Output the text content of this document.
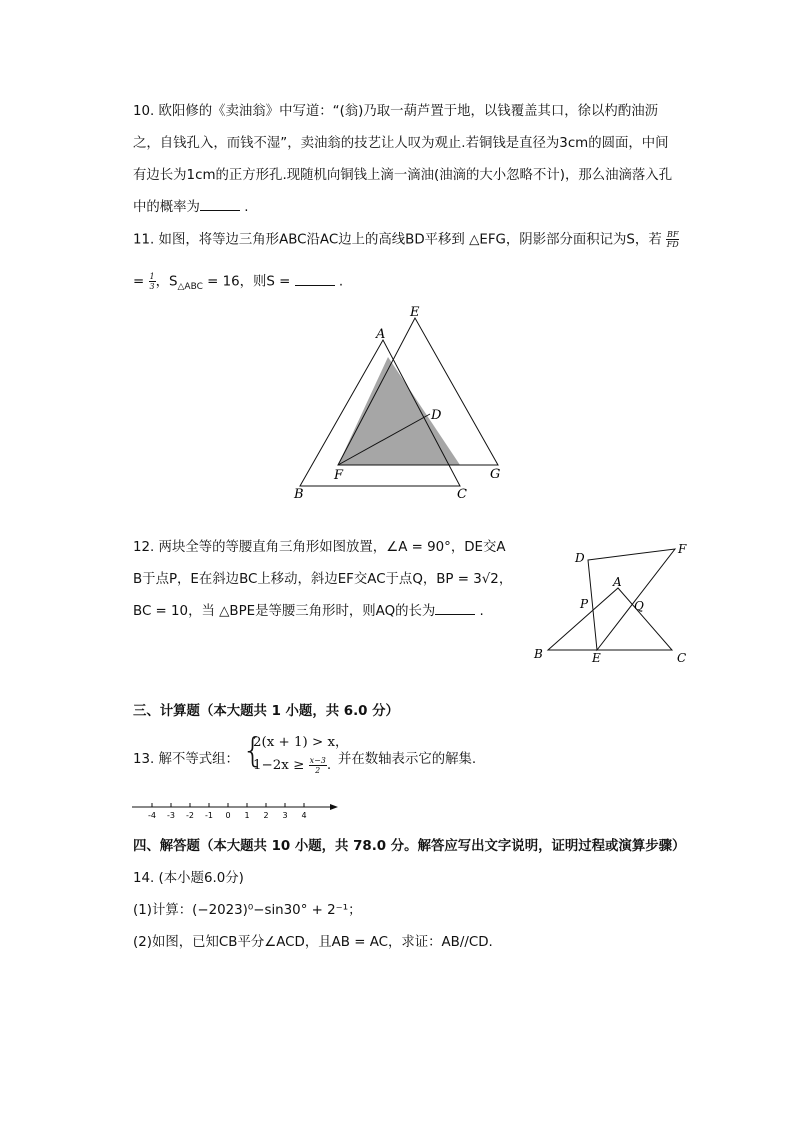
10. 欧阳修的《卖油翁》中写道：“(翁)乃取一葫芦置于地，以钱覆盖其口，徐以杓酌油沥
之，自钱孔入，而钱不湿”，卖油翁的技艺让人叹为观止.若铜钱是直径为3cm的圆面，中间
有边长为1cm的正方形孔.现随机向铜钱上滴一滴油(油滴的大小忽略不计)，那么油滴落入孔
中的概率为	.
11. 如图，将等边三角形ABC沿AC边上的高线BD平移到 △EFG，阴影部分面积记为S，若 $\frac{BF}{FD}$
= $\frac{1}{3}$ ，$S_{\triangle ABC} = 16$，则S =	.
A
E
D
F	G
B	C
12. 两块全等的等腰直角三角形如图放置，∠A = 90°，DE交A
B于点P，E在斜边BC上移动，斜边EF交AC于点Q，BP = 3√2，
BC = 10，当 △BPE是等腰三角形时，则AQ的长为	.
D
F
A
P	Q
B	E	C
三、计算题（本大题共 1 小题，共 6.0 分）
13. 解不等式组： {
2(x + 1) > x，
$1-2x \ge \frac{x-3}{2}$ . 并在数轴表示它的解集.
-4 -3 -2 -1 0 1 2 3 4
四、解答题（本大题共 10 小题，共 78.0 分。解答应写出文字说明，证明过程或演算步骤）
14. (本小题6.0分)
(1)计算：(−2023)⁰−sin30° + 2⁻¹；
(2)如图，已知CB平分∠ACD，且AB = AC，求证：AB//CD.
